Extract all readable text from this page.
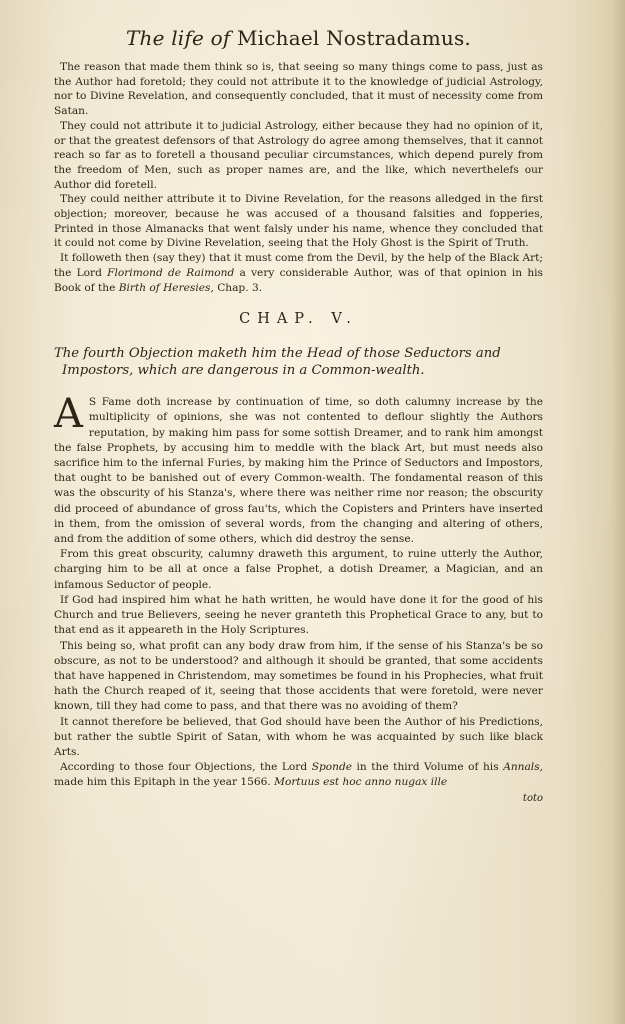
The life of Michael Nostradamus.

The reason that made them think so is, that seeing so many things come to pass, just as the Author had foretold; they could not attribute it to the knowledge of judicial Astrology, nor to Divine Revelation, and consequently concluded, that it must of necessity come from Satan.

They could not attribute it to judicial Astrology, either because they had no opinion of it, or that the greatest defensors of that Astrology do agree among themselves, that it cannot reach so far as to foretell a thousand peculiar circumstances, which depend purely from the freedom of Men, such as proper names are, and the like, which neverthelefs our Author did foretell.

They could neither attribute it to Divine Revelation, for the reasons alledged in the first objection; moreover, because he was accused of a thousand falsities and fopperies, Printed in those Almanacks that went falsly under his name, whence they concluded that it could not come by Divine Revelation, seeing that the Holy Ghost is the Spirit of Truth.

It followeth then (say they) that it must come from the Devil, by the help of the Black Art; the Lord Florimond de Raimond a very considerable Author, was of that opinion in his Book of the Birth of Heresies, Chap. 3.

CHAP. V.
The fourth Objection maketh him the Head of those Seductors and Impostors, which are dangerous in a Common-wealth.

A S Fame doth increase by continuation of time, so doth calumny increase by the multiplicity of opinions, she was not contented to deflour slightly the Authors reputation, by making him pass for some sottish Dreamer, and to rank him amongst the false Prophets, by accusing him to meddle with the black Art, but must needs also sacrifice him to the infernal Furies, by making him the Prince of Seductors and Impostors, that ought to be banished out of every Common-wealth. The fondamental reason of this was the obscurity of his Stanza's, where there was neither rime nor reason; the obscurity did proceed of abundance of gross fau'ts, which the Copisters and Printers have inserted in them, from the omission of several words, from the changing and altering of others, and from the addition of some others, which did destroy the sense.

From this great obscurity, calumny draweth this argument, to ruine utterly the Author, charging him to be all at once a false Prophet, a dotish Dreamer, a Magician, and an infamous Seductor of people.

If God had inspired him what he hath written, he would have done it for the good of his Church and true Believers, seeing he never granteth this Prophetical Grace to any, but to that end as it appeareth in the Holy Scriptures.

This being so, what profit can any body draw from him, if the sense of his Stanza's be so obscure, as not to be understood? and although it should be granted, that some accidents that have happened in Christendom, may sometimes be found in his Prophecies, what fruit hath the Church reaped of it, seeing that those accidents that were foretold, were never known, till they had come to pass, and that there was no avoiding of them?

It cannot therefore be believed, that God should have been the Author of his Predictions, but rather the subtle Spirit of Satan, with whom he was acquainted by such like black Arts.

According to those four Objections, the Lord Sponde in the third Volume of his Annals, made him this Epitaph in the year 1566. Mortuus est hoc anno nugax ille

toto
